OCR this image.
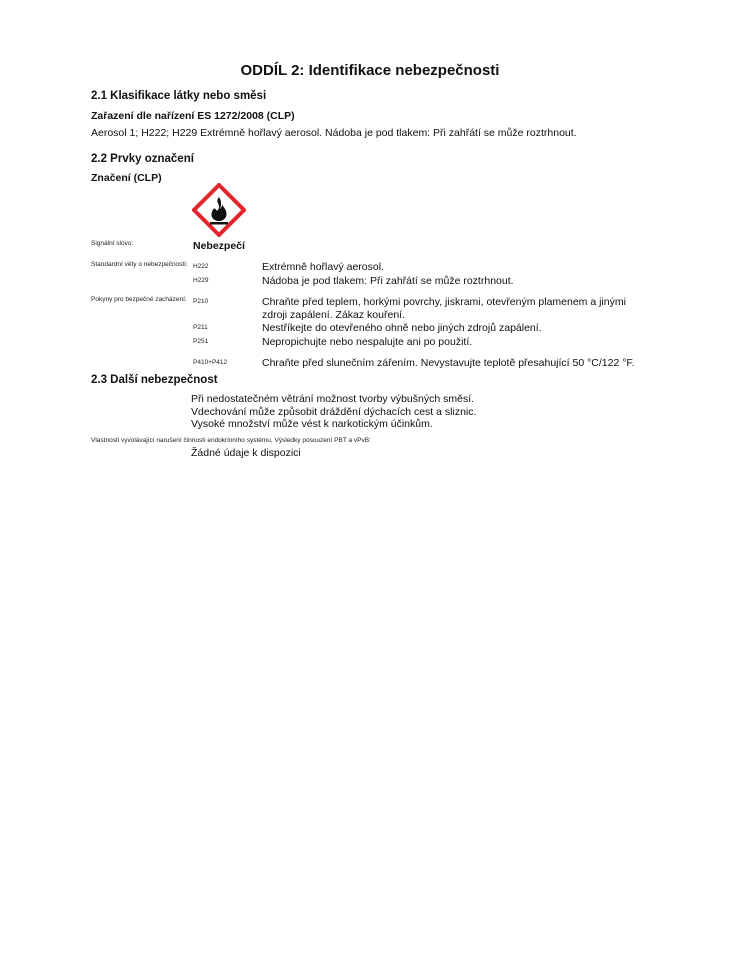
ODDÍL 2: Identifikace nebezpečnosti
2.1 Klasifikace látky nebo směsi
Zařazení dle nařízení ES 1272/2008 (CLP)
Aerosol 1; H222; H229 Extrémně hořlavý aerosol. Nádoba je pod tlakem: Při zahřátí se může roztrhnout.
2.2 Prvky označení
Značení (CLP)
Signální slovo:	Nebezpečí
Standardní věty o nebezpečnosti: H222	Extrémně hořlavý aerosol.
H229	Nádoba je pod tlakem: Při zahřátí se může roztrhnout.
Pokyny pro bezpečné zacházení: P210	Chraňte před teplem, horkými povrchy, jiskrami, otevřeným plamenem a jinými
zdroji zapálení. Zákaz kouření.
P211	Nestříkejte do otevřeného ohně nebo jiných zdrojů zapálení.
P251	Nepropichujte nebo nespalujte ani po použití.
P410+P412	Chraňte před slunečním zářením. Nevystavujte teplotě přesahující 50 °C/122 °F.
2.3 Další nebezpečnost
Při nedostatečném větrání možnost tvorby výbušných směsí.
Vdechování může způsobit dráždění dýchacích cest a sliznic.
Vysoké množství může vést k narkotickým účinkům.
Vlastnosti vyvolávající narušení činnosti endokrinního systému, Výsledky posouzení PBT a vPvB:
Žádné údaje k dispozici
